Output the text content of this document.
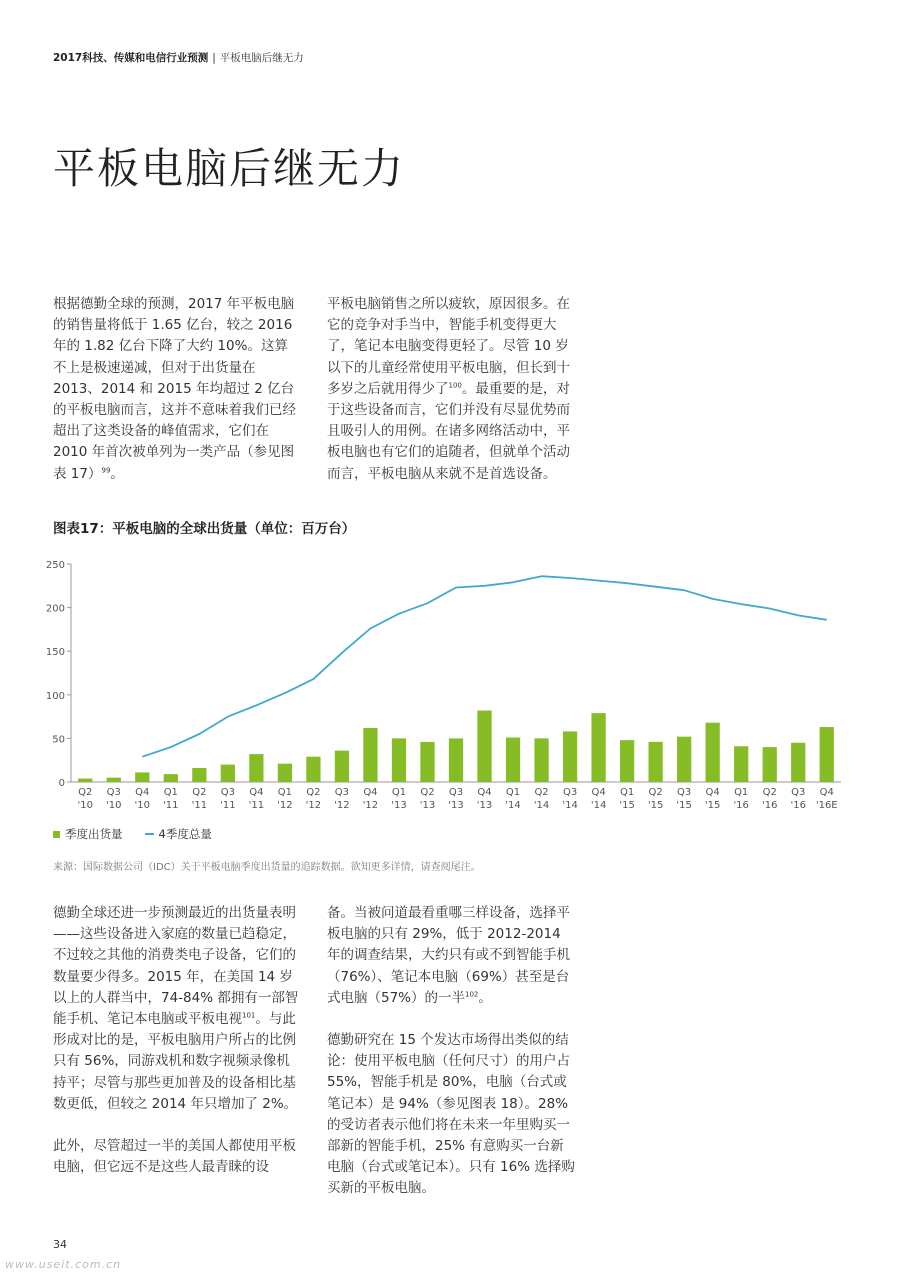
2017科技、传媒和电信行业预测 | 平板电脑后继无力
平板电脑后继无力
根据德勤全球的预测，2017 年平板电脑的销售量将低于 1.65 亿台，较之 2016 年的 1.82 亿台下降了大约 10%。这算不上是极速递减，但对于出货量在 2013、2014 和 2015 年均超过 2 亿台的平板电脑而言，这并不意味着我们已经超出了这类设备的峰值需求，它们在 2010 年首次被单列为一类产品（参见图表 17）$^{99}$。
平板电脑销售之所以疲软，原因很多。在它的竞争对手当中，智能手机变得更大了，笔记本电脑变得更轻了。尽管 10 岁以下的儿童经常使用平板电脑，但长到十多岁之后就用得少了$^{100}$。最重要的是，对于这些设备而言，它们并没有尽显优势而且吸引人的用例。在诸多网络活动中，平板电脑也有它们的追随者，但就单个活动而言，平板电脑从来就不是首选设备。
图表17：平板电脑的全球出货量（单位：百万台）
0
50
100
150
200
250
Q2
'10
Q3
'10
Q4
'10
Q1
'11
Q2
'11
Q3
'11
Q4
'11
Q1
'12
Q2
'12
Q3
'12
Q4
'12
Q1
'13
Q2
'13
Q3
'13
Q4
'13
Q1
'14
Q2
'14
Q3
'14
Q4
'14
Q1
'15
Q2
'15
Q3
'15
Q4
'15
Q1
'16
Q2
'16
Q3
'16
Q4
'16E
季度出货量	4季度总量
来源：国际数据公司（IDC）关于平板电脑季度出货量的追踪数据。欲知更多详情，请查阅尾注。

德勤全球还进一步预测最近的出货量表明——这些设备进入家庭的数量已趋稳定，不过较之其他的消费类电子设备，它们的数量要少得多。2015 年，在美国 14 岁以上的人群当中，74-84% 都拥有一部智能手机、笔记本电脑或平板电视$^{101}$。与此形成对比的是，平板电脑用户所占的比例只有 56%，同游戏机和数字视频录像机持平；尽管与那些更加普及的设备相比基数更低，但较之 2014 年只增加了 2%。

此外，尽管超过一半的美国人都使用平板电脑，但它远不是这些人最青睐的设

备。当被问道最看重哪三样设备，选择平板电脑的只有 29%，低于 2012-2014 年的调查结果，大约只有或不到智能手机（76%）、笔记本电脑（69%）甚至是台式电脑（57%）的一半$^{102}$。

德勤研究在 15 个发达市场得出类似的结论：使用平板电脑（任何尺寸）的用户占 55%，智能手机是 80%，电脑（台式或笔记本）是 94%（参见图表 18）。28% 的受访者表示他们将在未来一年里购买一部新的智能手机，25% 有意购买一台新电脑（台式或笔记本）。只有 16% 选择购买新的平板电脑。

34
www.useit.com.cn
